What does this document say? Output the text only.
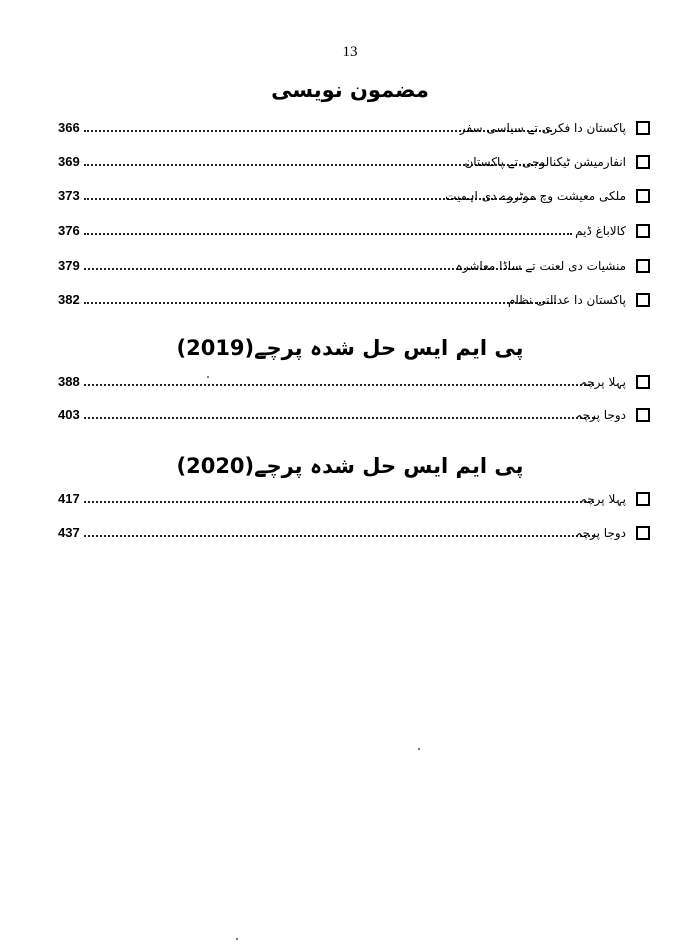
13
مضمون نویسی
366	پاکستان دا فکری تے سیاسی سفر
369	انفارمیشن ٹیکنالوجی تے پاکستان
373	ملکی معیشت وچ موٹروے دی اہمیت
376	کالاباغ ڈیم
379	منشیات دی لعنت تے ساڈا معاشرہ
382	پاکستان دا عدالتی نظام
پی ایم ایس حل شدہ پرچے(2019)
388	پہلا پرچہ
403	دوجا پرچہ
پی ایم ایس حل شدہ پرچے(2020)
417	پہلا پرچہ
437	دوجا پرچہ
